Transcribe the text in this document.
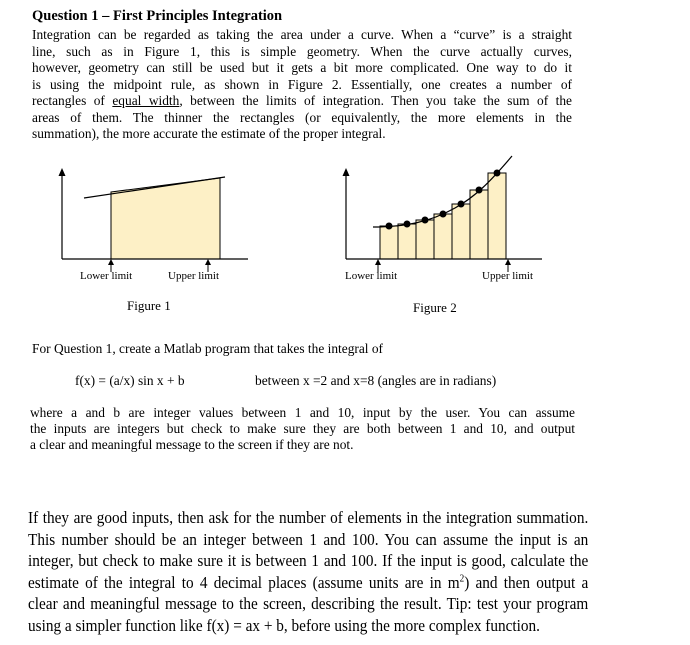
Question 1 – First Principles Integration
Integration can be regarded as taking the area under a curve. When a “curve” is a straight
line, such as in Figure 1, this is simple geometry. When the curve actually curves,
however, geometry can still be used but it gets a bit more complicated. One way to do it
is using the midpoint rule, as shown in Figure 2. Essentially, one creates a number of
rectangles of equal width, between the limits of integration. Then you take the sum of the
areas of them. The thinner the rectangles (or equivalently, the more elements in the
summation), the more accurate the estimate of the proper integral.
Lower limit	Upper limit
Figure 1
Lower limit	Upper limit
Figure 2
For Question 1, create a Matlab program that takes the integral of
f(x) = (a/x) sin x + b	between x =2 and x=8 (angles are in radians)
where a and b are integer values between 1 and 10, input by the user. You can assume
the inputs are integers but check to make sure they are both between 1 and 10, and output
a clear and meaningful message to the screen if they are not.
If they are good inputs, then ask for the number of elements in the integration summation.
This number should be an integer between 1 and 100. You can assume the input is an
integer, but check to make sure it is between 1 and 100. If the input is good, calculate the
estimate of the integral to 4 decimal places (assume units are in $m^2$) and then output a
clear and meaningful message to the screen, describing the result. Tip: test your program
using a simpler function like f(x) = ax + b, before using the more complex function.
